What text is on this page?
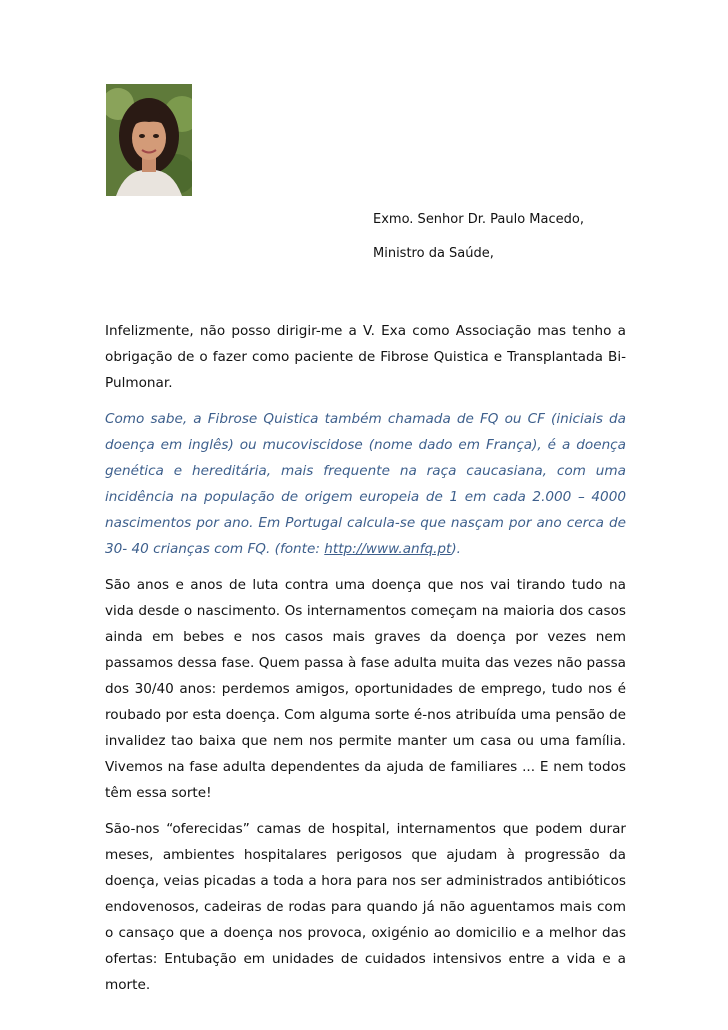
Exmo. Senhor Dr. Paulo Macedo,
Ministro da Saúde,

Infelizmente, não posso dirigir-me a V. Exa como Associação mas tenho a obrigação de o fazer como paciente de Fibrose Quistica e Transplantada Bi-Pulmonar.

Como sabe, a Fibrose Quistica também chamada de FQ ou CF (iniciais da doença em inglês) ou mucoviscidose (nome dado em França), é a doença genética e hereditária, mais frequente na raça caucasiana, com uma incidência na população de origem europeia de 1 em cada 2.000 – 4000 nascimentos por ano. Em Portugal calcula-se que nasçam por ano cerca de 30- 40 crianças com FQ. (fonte: http://www.anfq.pt).

São anos e anos de luta contra uma doença que nos vai tirando tudo na vida desde o nascimento. Os internamentos começam na maioria dos casos ainda em bebes e nos casos mais graves da doença por vezes nem passamos dessa fase. Quem passa à fase adulta muita das vezes não passa dos 30/40 anos: perdemos amigos, oportunidades de emprego, tudo nos é roubado por esta doença. Com alguma sorte é-nos atribuída uma pensão de invalidez tao baixa que nem nos permite manter um casa ou uma família. Vivemos na fase adulta dependentes da ajuda de familiares ... E nem todos têm essa sorte!

São-nos “oferecidas” camas de hospital, internamentos que podem durar meses, ambientes hospitalares perigosos que ajudam à progressão da doença, veias picadas a toda a hora para nos ser administrados antibióticos endovenosos, cadeiras de rodas para quando já não aguentamos mais com o cansaço que a doença nos provoca, oxigénio ao domicilio e a melhor das ofertas: Entubação em unidades de cuidados intensivos entre a vida e a morte.
